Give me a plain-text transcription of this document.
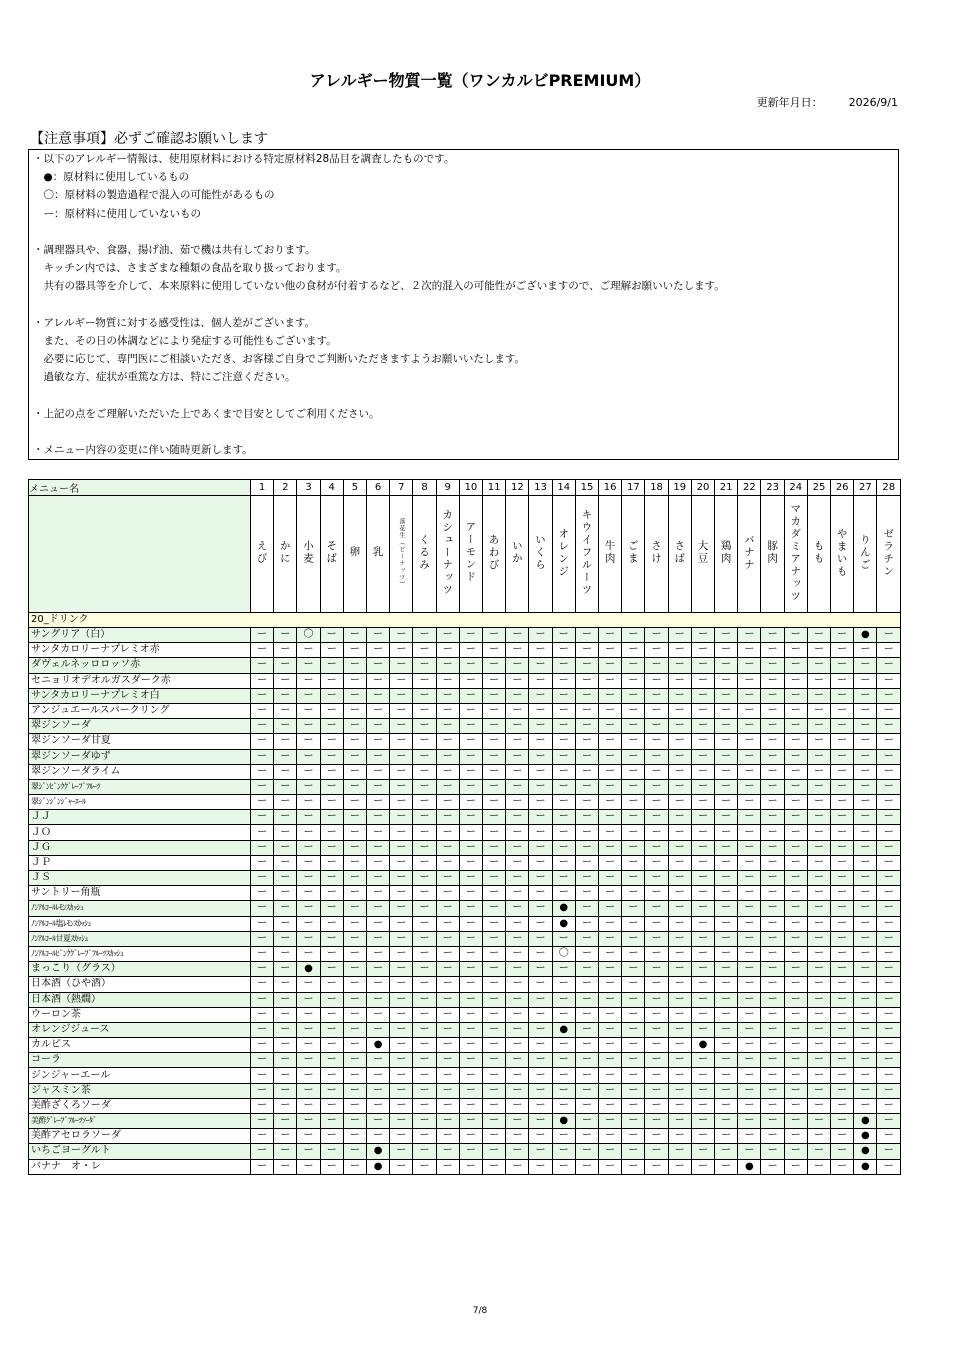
アレルギー物質一覧（ワンカルビPREMIUM）
更新年月日： 2026/9/1
【注意事項】必ずご確認お願いします
・以下のアレルギー情報は、使用原材料における特定原材料28品目を調査したものです。
　●：原材料に使用しているもの
　〇：原材料の製造過程で混入の可能性があるもの
　ー：原材料に使用していないもの
・調理器具や、食器、揚げ油、茹で機は共有しております。
　キッチン内では、さまざまな種類の食品を取り扱っております。
　共有の器具等を介して、本来原料に使用していない他の食材が付着するなど、２次的混入の可能性がございますので、ご理解お願いいたします。
・アレルギー物質に対する感受性は、個人差がございます。
　また、その日の体調などにより発症する可能性もございます。
　必要に応じて、専門医にご相談いただき、お客様ご自身でご判断いただきますようお願いいたします。
　過敏な方、症状が重篤な方は、特にご注意ください。
・上記の点をご理解いただいた上であくまで目安としてご利用ください。
・メニュー内容の変更に伴い随時更新します。
メニュー名	1	2	3	4	5	6	7	8	9	10	11	12	13	14	15	16	17	18	19	20	21	22	23	24	25	26	27	28
	えび	かに	小麦	そば	卵	乳	落花生（ピーナッツ）	くるみ	カシューナッツ	アーモンド	あわび	いか	いくら	オレンジ	キウイフルーツ	牛肉	ごま	さけ	さば	大豆	鶏肉	バナナ	豚肉	マカダミアナッツ	もも	やまいも	りんご	ゼラチン
20_ドリンク																												
サングリア（白）	ー	ー	〇	ー	ー	ー	ー	ー	ー	ー	ー	ー	ー	ー	ー	ー	ー	ー	ー	ー	ー	ー	ー	ー	ー	ー	●	ー
サンタカロリーナプレミオ赤	ー	ー	ー	ー	ー	ー	ー	ー	ー	ー	ー	ー	ー	ー	ー	ー	ー	ー	ー	ー	ー	ー	ー	ー	ー	ー	ー	ー
ダヴェルネッロロッソ赤	ー	ー	ー	ー	ー	ー	ー	ー	ー	ー	ー	ー	ー	ー	ー	ー	ー	ー	ー	ー	ー	ー	ー	ー	ー	ー	ー	ー
セニョリオデオルガスダーク赤	ー	ー	ー	ー	ー	ー	ー	ー	ー	ー	ー	ー	ー	ー	ー	ー	ー	ー	ー	ー	ー	ー	ー	ー	ー	ー	ー	ー
サンタカロリーナプレミオ白	ー	ー	ー	ー	ー	ー	ー	ー	ー	ー	ー	ー	ー	ー	ー	ー	ー	ー	ー	ー	ー	ー	ー	ー	ー	ー	ー	ー
アンジュエールスパークリング	ー	ー	ー	ー	ー	ー	ー	ー	ー	ー	ー	ー	ー	ー	ー	ー	ー	ー	ー	ー	ー	ー	ー	ー	ー	ー	ー	ー
翠ジンソーダ	ー	ー	ー	ー	ー	ー	ー	ー	ー	ー	ー	ー	ー	ー	ー	ー	ー	ー	ー	ー	ー	ー	ー	ー	ー	ー	ー	ー
翠ジンソーダ甘夏	ー	ー	ー	ー	ー	ー	ー	ー	ー	ー	ー	ー	ー	ー	ー	ー	ー	ー	ー	ー	ー	ー	ー	ー	ー	ー	ー	ー
翠ジンソーダゆず	ー	ー	ー	ー	ー	ー	ー	ー	ー	ー	ー	ー	ー	ー	ー	ー	ー	ー	ー	ー	ー	ー	ー	ー	ー	ー	ー	ー
翠ジンソーダライム	ー	ー	ー	ー	ー	ー	ー	ー	ー	ー	ー	ー	ー	ー	ー	ー	ー	ー	ー	ー	ー	ー	ー	ー	ー	ー	ー	ー
翠ｼﾞﾝﾋﾟﾝｸｸﾞﾚｰﾌﾟﾌﾙｰﾂ	ー	ー	ー	ー	ー	ー	ー	ー	ー	ー	ー	ー	ー	ー	ー	ー	ー	ー	ー	ー	ー	ー	ー	ー	ー	ー	ー	ー
翠ｼﾞﾝｼﾞﾝｼﾞｬｰｴｰﾙ	ー	ー	ー	ー	ー	ー	ー	ー	ー	ー	ー	ー	ー	ー	ー	ー	ー	ー	ー	ー	ー	ー	ー	ー	ー	ー	ー	ー
ＪＪ	ー	ー	ー	ー	ー	ー	ー	ー	ー	ー	ー	ー	ー	ー	ー	ー	ー	ー	ー	ー	ー	ー	ー	ー	ー	ー	ー	ー
ＪＯ	ー	ー	ー	ー	ー	ー	ー	ー	ー	ー	ー	ー	ー	ー	ー	ー	ー	ー	ー	ー	ー	ー	ー	ー	ー	ー	ー	ー
ＪＧ	ー	ー	ー	ー	ー	ー	ー	ー	ー	ー	ー	ー	ー	ー	ー	ー	ー	ー	ー	ー	ー	ー	ー	ー	ー	ー	ー	ー
ＪＰ	ー	ー	ー	ー	ー	ー	ー	ー	ー	ー	ー	ー	ー	ー	ー	ー	ー	ー	ー	ー	ー	ー	ー	ー	ー	ー	ー	ー
ＪＳ	ー	ー	ー	ー	ー	ー	ー	ー	ー	ー	ー	ー	ー	ー	ー	ー	ー	ー	ー	ー	ー	ー	ー	ー	ー	ー	ー	ー
サントリー角瓶	ー	ー	ー	ー	ー	ー	ー	ー	ー	ー	ー	ー	ー	ー	ー	ー	ー	ー	ー	ー	ー	ー	ー	ー	ー	ー	ー	ー
ﾉﾝｱﾙｺｰﾙﾚﾓﾝｽｶｯｼｭ	ー	ー	ー	ー	ー	ー	ー	ー	ー	ー	ー	ー	ー	●	ー	ー	ー	ー	ー	ー	ー	ー	ー	ー	ー	ー	ー	ー
ﾉﾝｱﾙｺｰﾙ塩ﾚﾓﾝｽｶｯｼｭ	ー	ー	ー	ー	ー	ー	ー	ー	ー	ー	ー	ー	ー	●	ー	ー	ー	ー	ー	ー	ー	ー	ー	ー	ー	ー	ー	ー
ﾉﾝｱﾙｺｰﾙ甘夏ｽｶｯｼｭ	ー	ー	ー	ー	ー	ー	ー	ー	ー	ー	ー	ー	ー	ー	ー	ー	ー	ー	ー	ー	ー	ー	ー	ー	ー	ー	ー	ー
ﾉﾝｱﾙｺｰﾙﾋﾟﾝｸｸﾞﾚｰﾌﾟﾌﾙｰﾂｽｶｯｼｭ	ー	ー	ー	ー	ー	ー	ー	ー	ー	ー	ー	ー	ー	〇	ー	ー	ー	ー	ー	ー	ー	ー	ー	ー	ー	ー	ー	ー
まっこり（グラス）	ー	ー	●	ー	ー	ー	ー	ー	ー	ー	ー	ー	ー	ー	ー	ー	ー	ー	ー	ー	ー	ー	ー	ー	ー	ー	ー	ー
日本酒（ひや酒）	ー	ー	ー	ー	ー	ー	ー	ー	ー	ー	ー	ー	ー	ー	ー	ー	ー	ー	ー	ー	ー	ー	ー	ー	ー	ー	ー	ー
日本酒（熱燗）	ー	ー	ー	ー	ー	ー	ー	ー	ー	ー	ー	ー	ー	ー	ー	ー	ー	ー	ー	ー	ー	ー	ー	ー	ー	ー	ー	ー
ウーロン茶	ー	ー	ー	ー	ー	ー	ー	ー	ー	ー	ー	ー	ー	ー	ー	ー	ー	ー	ー	ー	ー	ー	ー	ー	ー	ー	ー	ー
オレンジジュース	ー	ー	ー	ー	ー	ー	ー	ー	ー	ー	ー	ー	ー	●	ー	ー	ー	ー	ー	ー	ー	ー	ー	ー	ー	ー	ー	ー
カルピス	ー	ー	ー	ー	ー	●	ー	ー	ー	ー	ー	ー	ー	ー	ー	ー	ー	ー	ー	●	ー	ー	ー	ー	ー	ー	ー	ー
コーラ	ー	ー	ー	ー	ー	ー	ー	ー	ー	ー	ー	ー	ー	ー	ー	ー	ー	ー	ー	ー	ー	ー	ー	ー	ー	ー	ー	ー
ジンジャーエール	ー	ー	ー	ー	ー	ー	ー	ー	ー	ー	ー	ー	ー	ー	ー	ー	ー	ー	ー	ー	ー	ー	ー	ー	ー	ー	ー	ー
ジャスミン茶	ー	ー	ー	ー	ー	ー	ー	ー	ー	ー	ー	ー	ー	ー	ー	ー	ー	ー	ー	ー	ー	ー	ー	ー	ー	ー	ー	ー
美酢ざくろソーダ	ー	ー	ー	ー	ー	ー	ー	ー	ー	ー	ー	ー	ー	ー	ー	ー	ー	ー	ー	ー	ー	ー	ー	ー	ー	ー	ー	ー
美酢ｸﾞﾚｰﾌﾟﾌﾙｰﾂｿｰﾀﾞ	ー	ー	ー	ー	ー	ー	ー	ー	ー	ー	ー	ー	ー	●	ー	ー	ー	ー	ー	ー	ー	ー	ー	ー	ー	ー	●	ー
美酢アセロラソーダ	ー	ー	ー	ー	ー	ー	ー	ー	ー	ー	ー	ー	ー	ー	ー	ー	ー	ー	ー	ー	ー	ー	ー	ー	ー	ー	●	ー
いちごヨーグルト	ー	ー	ー	ー	ー	●	ー	ー	ー	ー	ー	ー	ー	ー	ー	ー	ー	ー	ー	ー	ー	ー	ー	ー	ー	ー	●	ー
バナナ　オ・レ	ー	ー	ー	ー	ー	●	ー	ー	ー	ー	ー	ー	ー	ー	ー	ー	ー	ー	ー	ー	ー	●	ー	ー	ー	ー	●	ー
7/8
